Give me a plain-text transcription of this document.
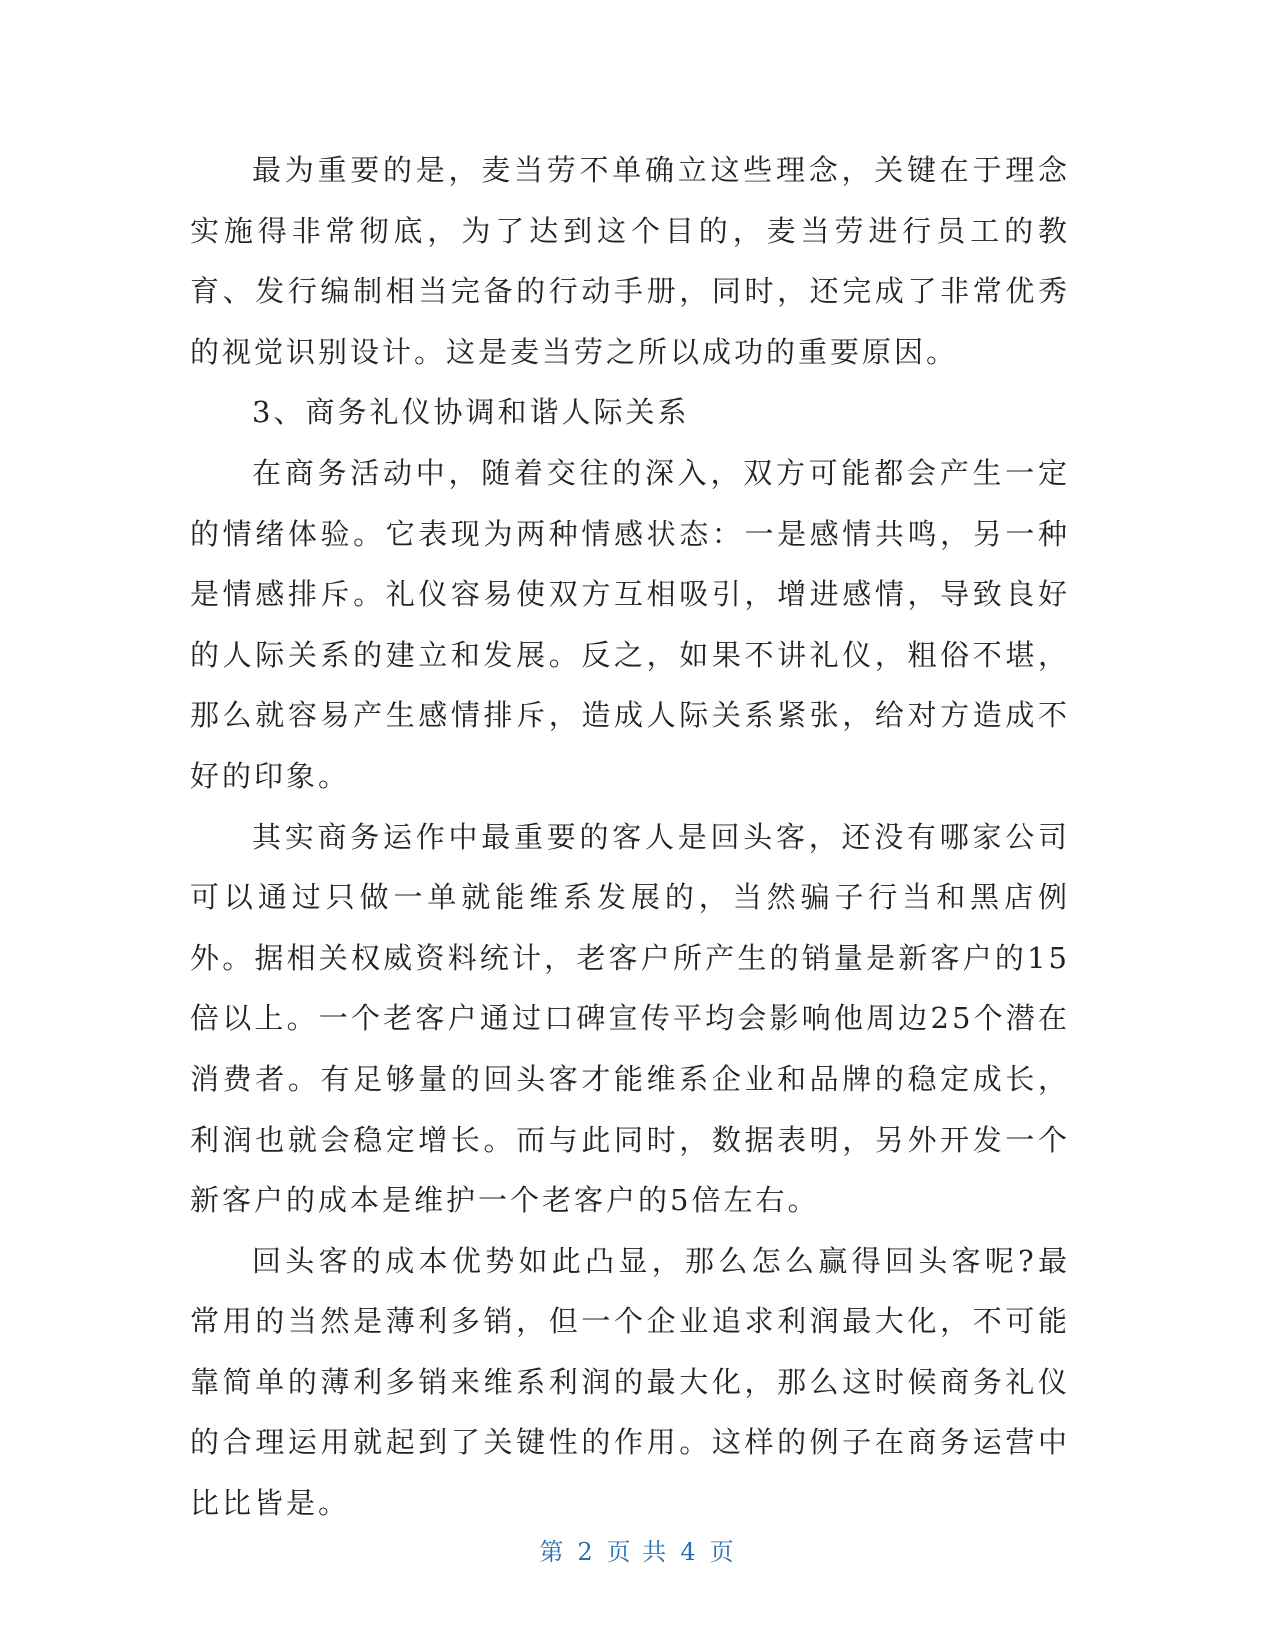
最为重要的是，麦当劳不单确立这些理念，关键在于理念实施得非常彻底，为了达到这个目的，麦当劳进行员工的教育、发行编制相当完备的行动手册，同时，还完成了非常优秀的视觉识别设计。这是麦当劳之所以成功的重要原因。

3、商务礼仪协调和谐人际关系

在商务活动中，随着交往的深入，双方可能都会产生一定的情绪体验。它表现为两种情感状态：一是感情共鸣，另一种是情感排斥。礼仪容易使双方互相吸引，增进感情，导致良好的人际关系的建立和发展。反之，如果不讲礼仪，粗俗不堪，那么就容易产生感情排斥，造成人际关系紧张，给对方造成不好的印象。

其实商务运作中最重要的客人是回头客，还没有哪家公司可以通过只做一单就能维系发展的，当然骗子行当和黑店例外。据相关权威资料统计，老客户所产生的销量是新客户的15倍以上。一个老客户通过口碑宣传平均会影响他周边25个潜在消费者。有足够量的回头客才能维系企业和品牌的稳定成长，利润也就会稳定增长。而与此同时，数据表明，另外开发一个新客户的成本是维护一个老客户的5倍左右。

回头客的成本优势如此凸显，那么怎么赢得回头客呢?最常用的当然是薄利多销，但一个企业追求利润最大化，不可能靠简单的薄利多销来维系利润的最大化，那么这时候商务礼仪的合理运用就起到了关键性的作用。这样的例子在商务运营中比比皆是。

第 2 页 共 4 页
